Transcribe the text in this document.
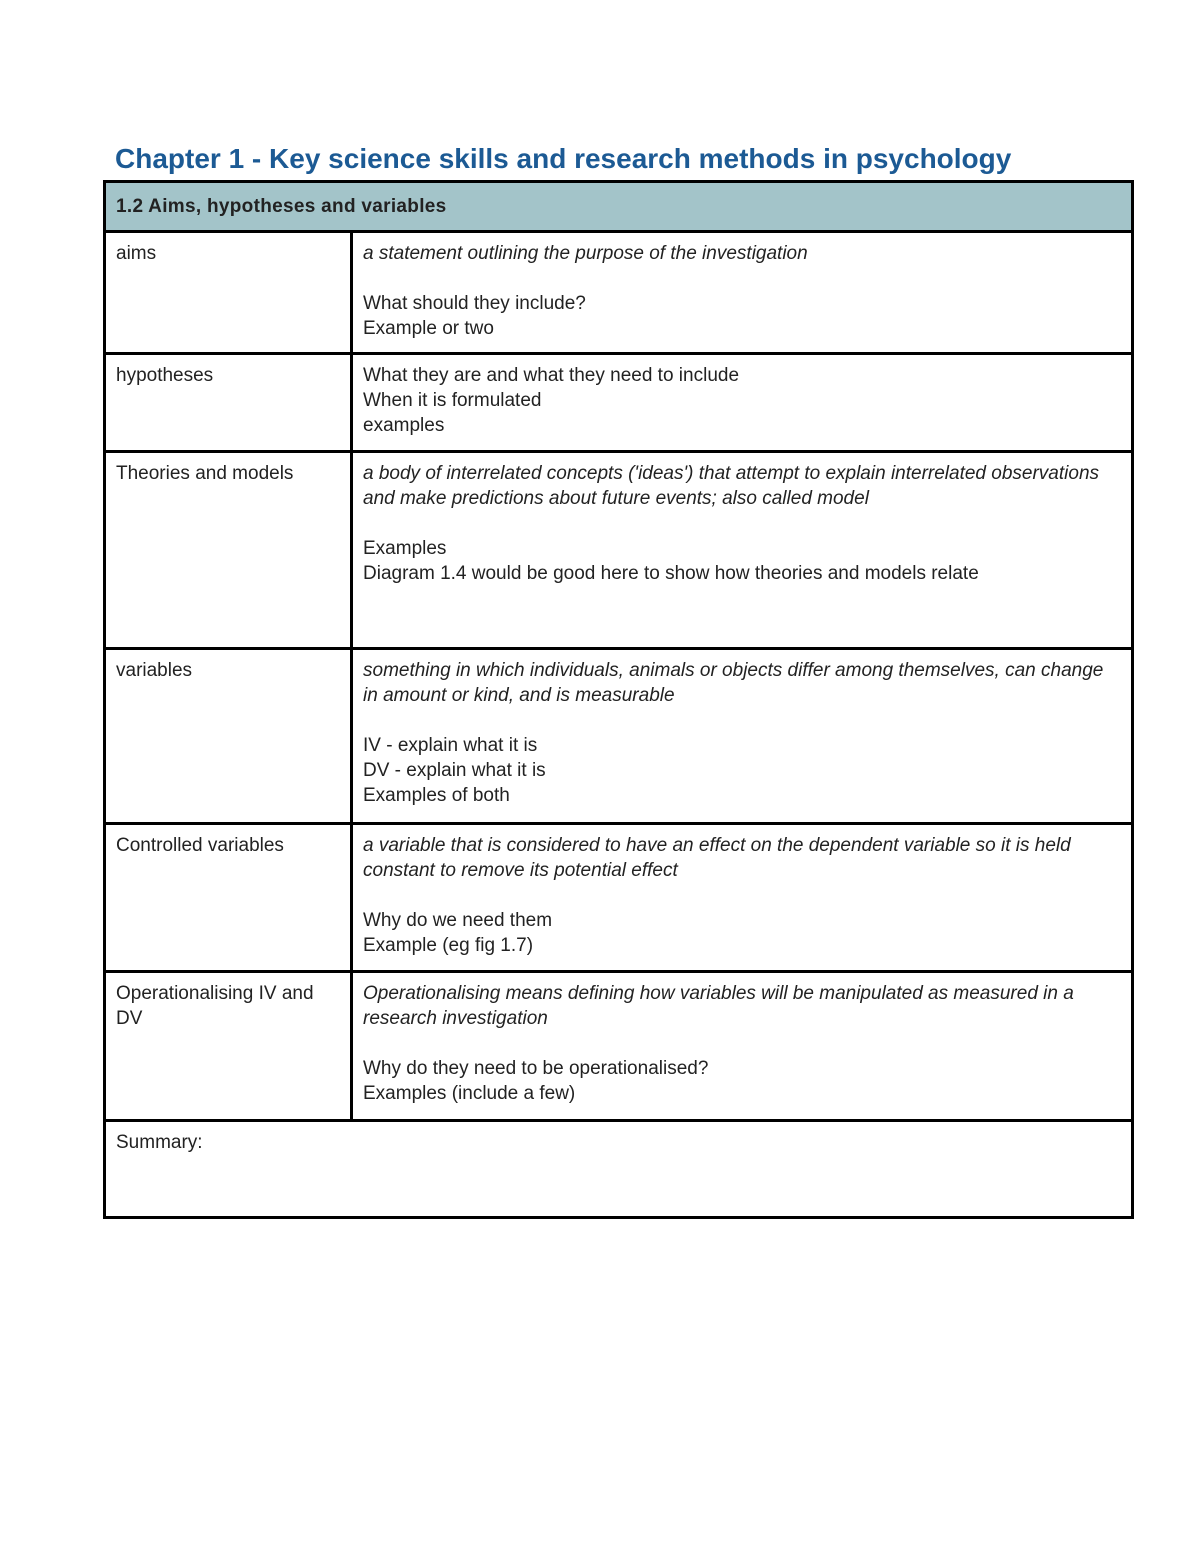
Chapter 1 - Key science skills and research methods in psychology
1.2 Aims, hypotheses and variables	
aims	a statement outlining the purpose of the investigation
What should they include?
Example or two

hypotheses	What they are and what they need to include
When it is formulated
examples

Theories and models	a body of interrelated concepts ('ideas') that attempt to explain interrelated observations and make predictions about future events; also called model
Examples
Diagram 1.4 would be good here to show how theories and models relate

variables	something in which individuals, animals or objects differ among themselves, can change in amount or kind, and is measurable
IV - explain what it is
DV - explain what it is
Examples of both

Controlled variables	a variable that is considered to have an effect on the dependent variable so it is held constant to remove its potential effect
Why do we need them
Example (eg fig 1.7)

Operationalising IV and DV	Operationalising means defining how variables will be manipulated as measured in a research investigation
Why do they need to be operationalised?
Examples (include a few)

Summary:	
